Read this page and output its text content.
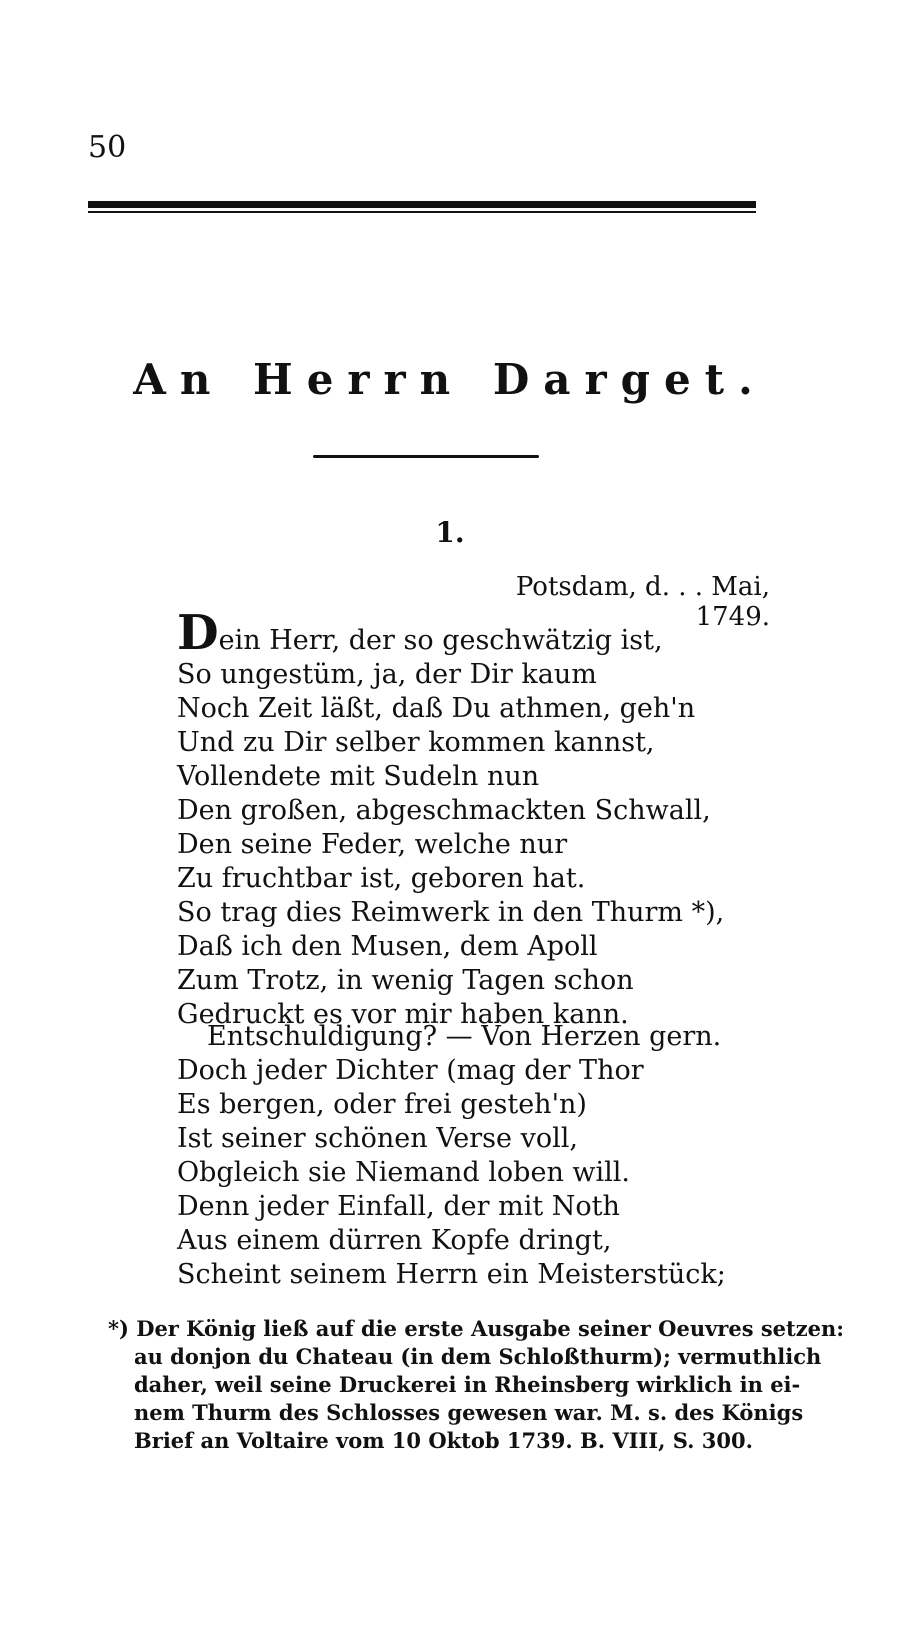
50
An Herrn Darget.
1.
Potsdam, d. . . Mai, 1749.
Dein Herr, der so geschwätzig ist,
So ungestüm, ja, der Dir kaum
Noch Zeit läßt, daß Du athmen, geh'n
Und zu Dir selber kommen kannst,
Vollendete mit Sudeln nun
Den großen, abgeschmackten Schwall,
Den seine Feder, welche nur
Zu fruchtbar ist, geboren hat.
So trag dies Reimwerk in den Thurm *),
Daß ich den Musen, dem Apoll
Zum Trotz, in wenig Tagen schon
Gedruckt es vor mir haben kann.
Entschuldigung? — Von Herzen gern.
Doch jeder Dichter (mag der Thor
Es bergen, oder frei gesteh'n)
Ist seiner schönen Verse voll,
Obgleich sie Niemand loben will.
Denn jeder Einfall, der mit Noth
Aus einem dürren Kopfe dringt,
Scheint seinem Herrn ein Meisterstück;
*) Der König ließ auf die erste Ausgabe seiner Oeuvres setzen:
au donjon du Chateau (in dem Schloßthurm); vermuthlich
daher, weil seine Druckerei in Rheinsberg wirklich in ei-
nem Thurm des Schlosses gewesen war. M. s. des Königs
Brief an Voltaire vom 10 Oktob 1739. B. VIII, S. 300.
